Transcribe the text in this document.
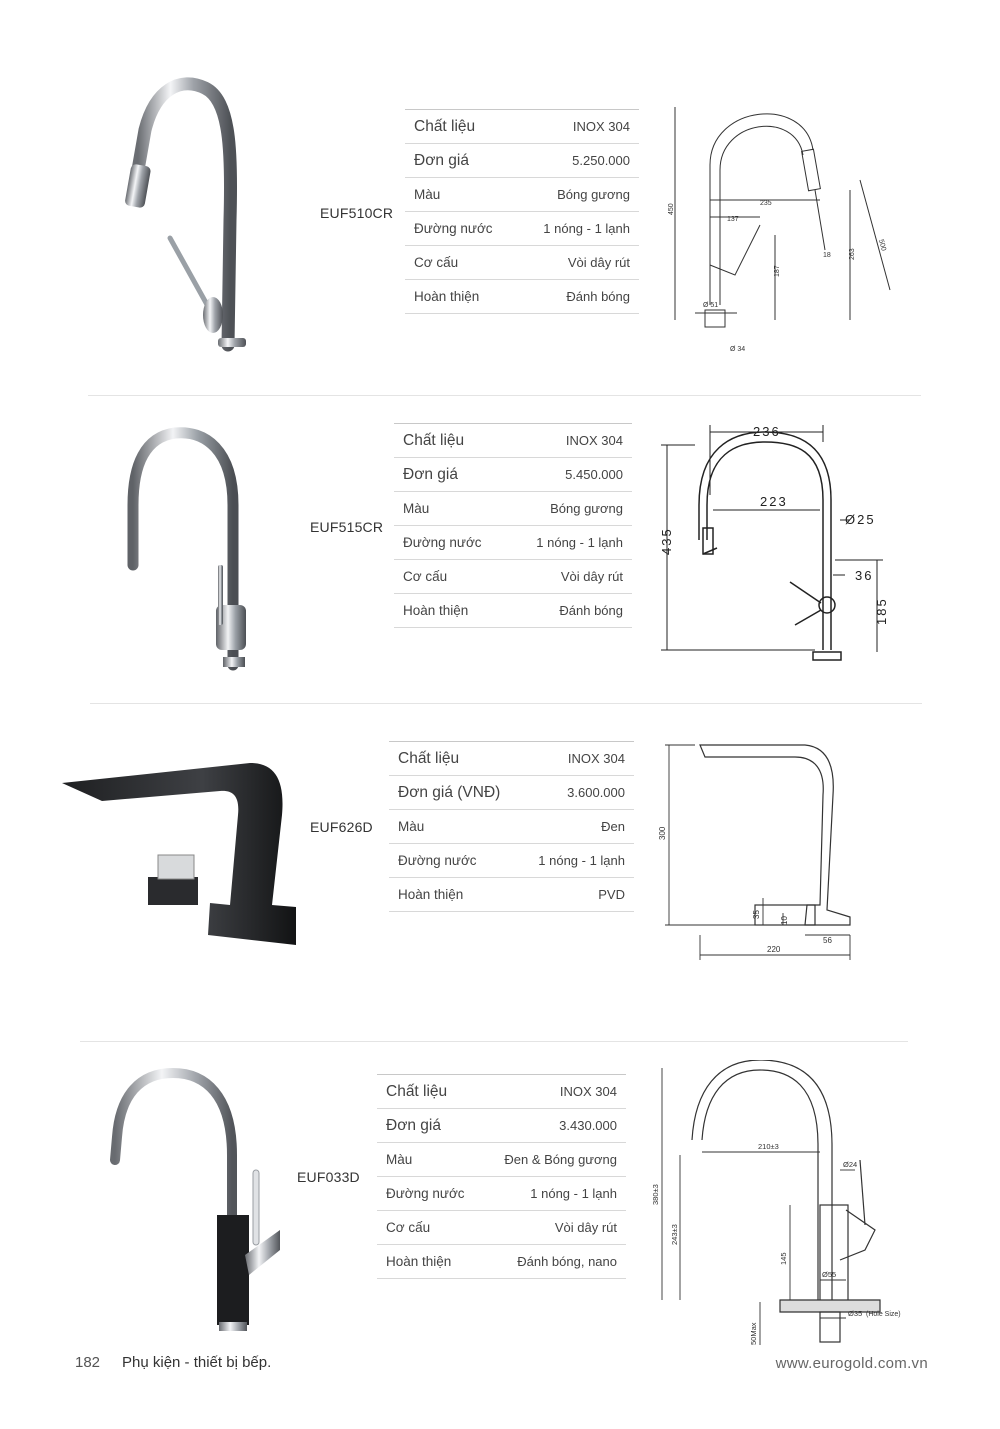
EUF510CR
Chất liệu	INOX 304
Đơn giá	5.250.000
Màu	Bóng gương
Đường nước	1 nóng - 1 lạnh
Cơ cấu	Vòi dây rút
Hoàn thiện	Đánh bóng
450	235
137
187
18	263
500
Ø 51
Ø 34
EUF515CR
Chất liệu	INOX 304
Đơn giá	5.450.000
Màu	Bóng gương
Đường nước	1 nóng - 1 lạnh
Cơ cấu	Vòi dây rút
Hoàn thiện	Đánh bóng
236
223
Ø25
435
36
185
EUF626D
Chất liệu	INOX 304
Đơn giá (VNĐ)	3.600.000
Màu	Đen
Đường nước	1 nóng - 1 lạnh
Hoàn thiện	PVD
300
35
10
56
220
EUF033D
Chất liệu	INOX 304
Đơn giá	3.430.000
Màu	Đen & Bóng gương
Đường nước	1 nóng - 1 lạnh
Cơ cấu	Vòi dây rút
Hoàn thiện	Đánh bóng, nano
380±3
210±3
Ø24
243±3
145
Ø55
50Max
Ø35 (Hole Size)
182 Phụ kiện - thiết bị bếp.	www.eurogold.com.vn
